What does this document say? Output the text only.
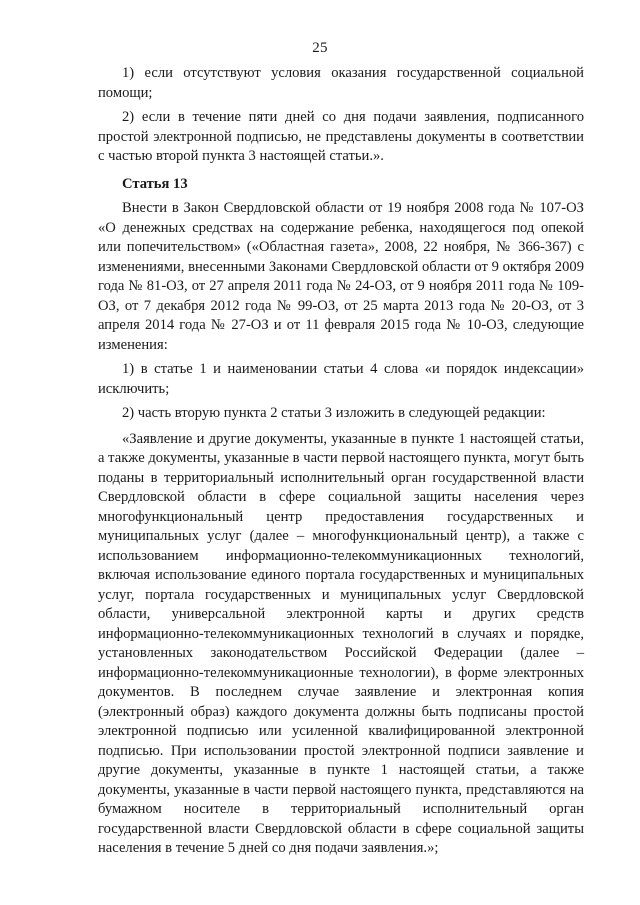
25

1) если отсутствуют условия оказания государственной социальной помощи;

2) если в течение пяти дней со дня подачи заявления, подписанного простой электронной подписью, не представлены документы в соответствии с частью второй пункта 3 настоящей статьи.».

Статья 13

Внести в Закон Свердловской области от 19 ноября 2008 года № 107-ОЗ «О денежных средствах на содержание ребенка, находящегося под опекой или попечительством» («Областная газета», 2008, 22 ноября, № 366-367) с изменениями, внесенными Законами Свердловской области от 9 октября 2009 года № 81-ОЗ, от 27 апреля 2011 года № 24-ОЗ, от 9 ноября 2011 года № 109-ОЗ, от 7 декабря 2012 года № 99-ОЗ, от 25 марта 2013 года № 20-ОЗ, от 3 апреля 2014 года № 27-ОЗ и от 11 февраля 2015 года № 10-ОЗ, следующие изменения:

1) в статье 1 и наименовании статьи 4 слова «и порядок индексации» исключить;

2) часть вторую пункта 2 статьи 3 изложить в следующей редакции:

«Заявление и другие документы, указанные в пункте 1 настоящей статьи, а также документы, указанные в части первой настоящего пункта, могут быть поданы в территориальный исполнительный орган государственной власти Свердловской области в сфере социальной защиты населения через многофункциональный центр предоставления государственных и муниципальных услуг (далее – многофункциональный центр), а также с использованием информационно-телекоммуникационных технологий, включая использование единого портала государственных и муниципальных услуг, портала государственных и муниципальных услуг Свердловской области, универсальной электронной карты и других средств информационно-телекоммуникационных технологий в случаях и порядке, установленных законодательством Российской Федерации (далее – информационно-телекоммуникационные технологии), в форме электронных документов. В последнем случае заявление и электронная копия (электронный образ) каждого документа должны быть подписаны простой электронной подписью или усиленной квалифицированной электронной подписью. При использовании простой электронной подписи заявление и другие документы, указанные в пункте 1 настоящей статьи, а также документы, указанные в части первой настоящего пункта, представляются на бумажном носителе в территориальный исполнительный орган государственной власти Свердловской области в сфере социальной защиты населения в течение 5 дней со дня подачи заявления.»;
